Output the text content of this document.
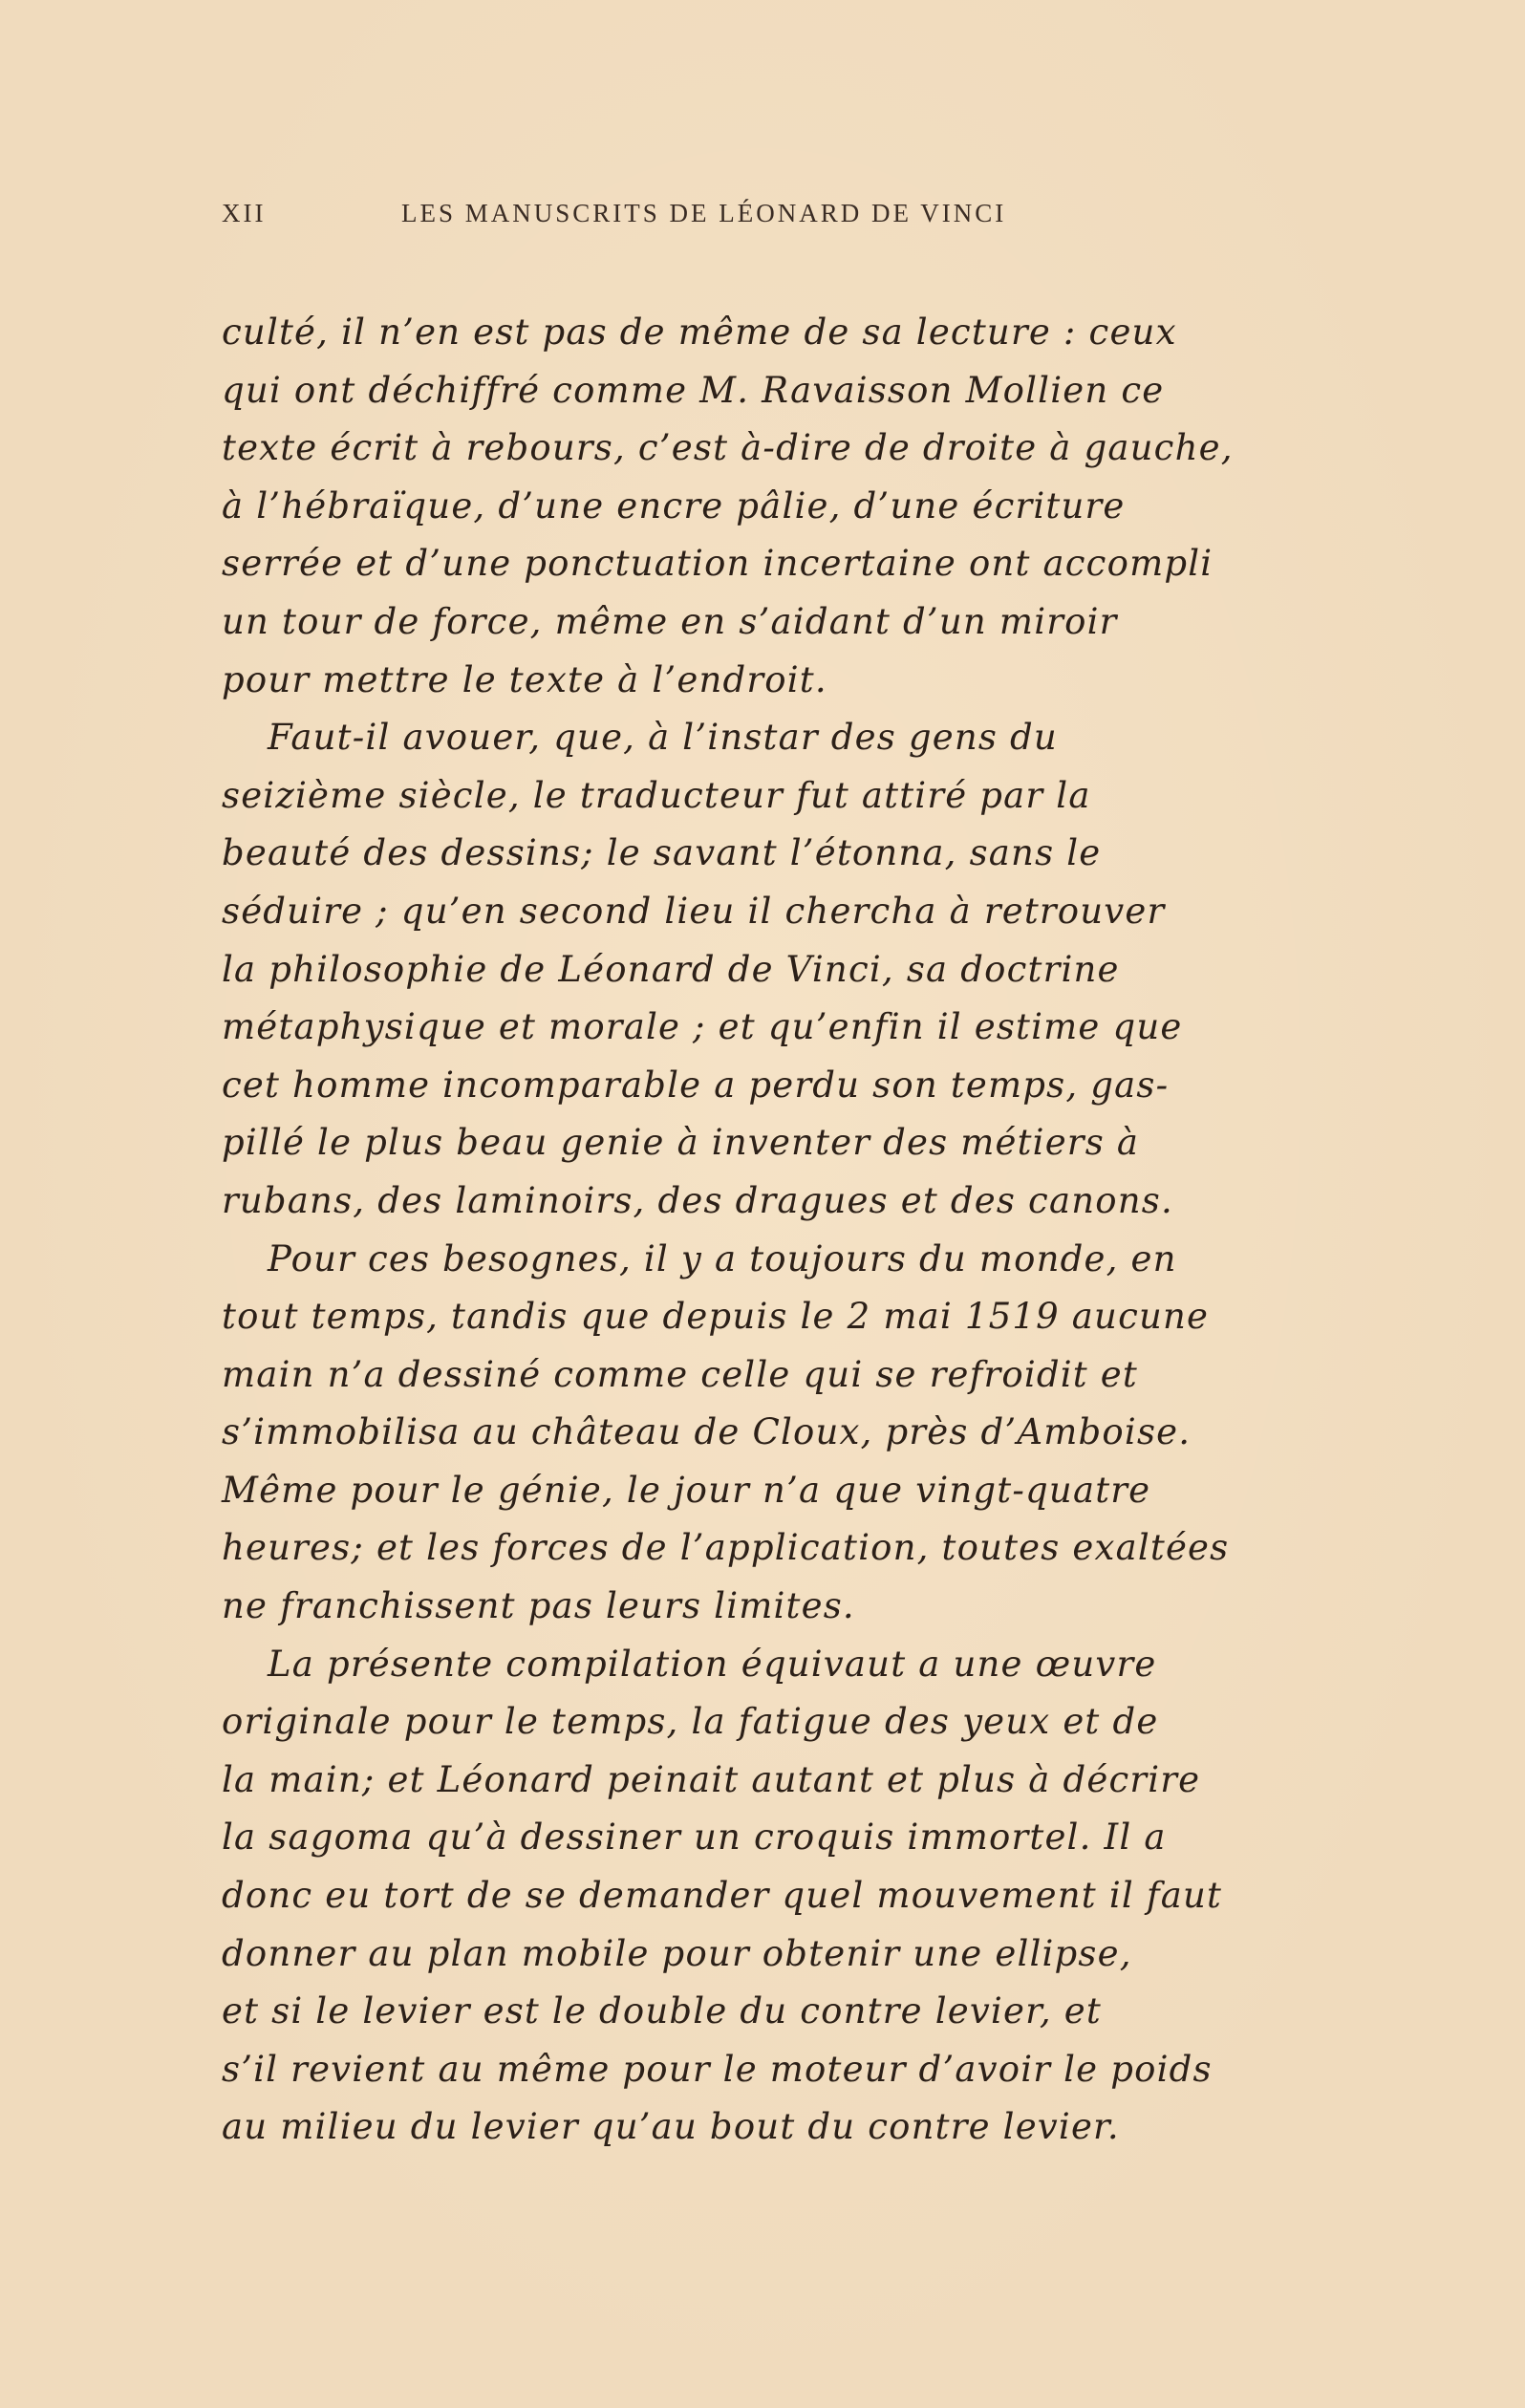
XII	LES MANUSCRITS DE LÉONARD DE VINCI
culté, il n’en est pas de même de sa lecture : ceux
qui ont déchiffré comme M. Ravaisson Mollien ce
texte écrit à rebours, c’est à-dire de droite à gauche,
à l’hébraïque, d’une encre pâlie, d’une écriture
serrée et d’une ponctuation incertaine ont accompli
un tour de force, même en s’aidant d’un miroir
pour mettre le texte à l’endroit.
Faut-il avouer, que, à l’instar des gens du
seizième siècle, le traducteur fut attiré par la
beauté des dessins; le savant l’étonna, sans le
séduire ; qu’en second lieu il chercha à retrouver
la philosophie de Léonard de Vinci, sa doctrine
métaphysique et morale ; et qu’enfin il estime que
cet homme incomparable a perdu son temps, gas-
pillé le plus beau genie à inventer des métiers à
rubans, des laminoirs, des dragues et des canons.
Pour ces besognes, il y a toujours du monde, en
tout temps, tandis que depuis le 2 mai 1519 aucune
main n’a dessiné comme celle qui se refroidit et
s’immobilisa au château de Cloux, près d’Amboise.
Même pour le génie, le jour n’a que vingt-quatre
heures; et les forces de l’application, toutes exaltées
ne franchissent pas leurs limites.
La présente compilation équivaut a une œuvre
originale pour le temps, la fatigue des yeux et de
la main; et Léonard peinait autant et plus à décrire
la sagoma qu’à dessiner un croquis immortel. Il a
donc eu tort de se demander quel mouvement il faut
donner au plan mobile pour obtenir une ellipse,
et si le levier est le double du contre levier, et
s’il revient au même pour le moteur d’avoir le poids
au milieu du levier qu’au bout du contre levier.
